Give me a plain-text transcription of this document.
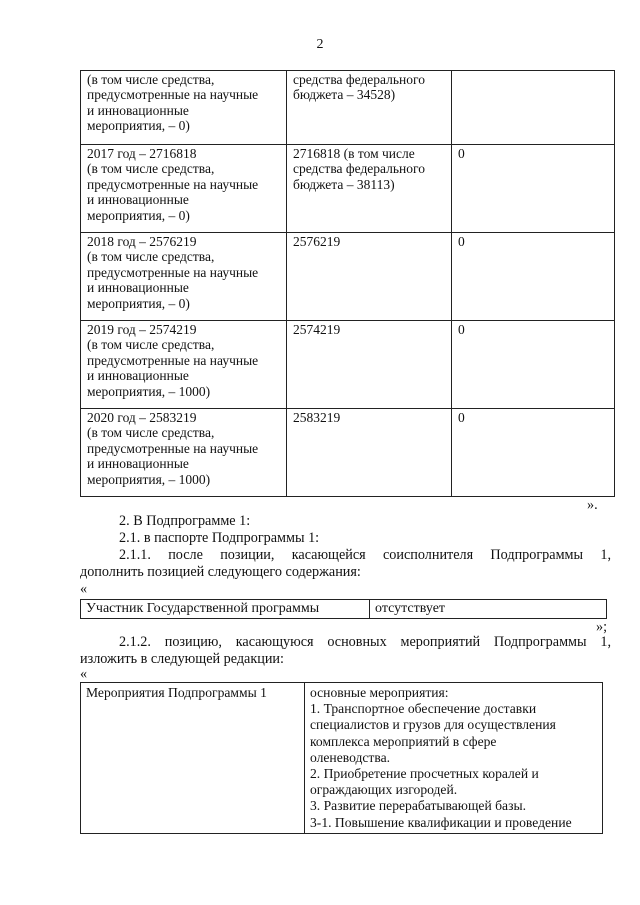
2
(в том числе средства,
предусмотренные на научные
и инновационные
мероприятия, – 0)	средства федерального
бюджета – 34528)	
2017 год – 2716818
(в том числе средства,
предусмотренные на научные
и инновационные
мероприятия, – 0)	2716818 (в том числе
средства федерального
бюджета – 38113)	0
2018 год – 2576219
(в том числе средства,
предусмотренные на научные
и инновационные
мероприятия, – 0)	2576219	0
2019 год – 2574219
(в том числе средства,
предусмотренные на научные
и инновационные
мероприятия, – 1000)	2574219	0
2020 год – 2583219
(в том числе средства,
предусмотренные на научные
и инновационные
мероприятия, – 1000)	2583219	0
».
2. В Подпрограмме 1:
2.1. в паспорте Подпрограммы 1:
2.1.1. после позиции, касающейся соисполнителя Подпрограммы 1,
дополнить позицией следующего содержания:
«
Участник Государственной программы	отсутствует
»;
2.1.2. позицию, касающуюся основных мероприятий Подпрограммы 1,
изложить в следующей редакции:
«
Мероприятия Подпрограммы 1	основные мероприятия:
1. Транспортное обеспечение доставки
специалистов и грузов для осуществления
комплекса мероприятий в сфере
оленеводства.
2. Приобретение просчетных коралей и
ограждающих изгородей.
3. Развитие перерабатывающей базы.
3-1. Повышение квалификации и проведение
